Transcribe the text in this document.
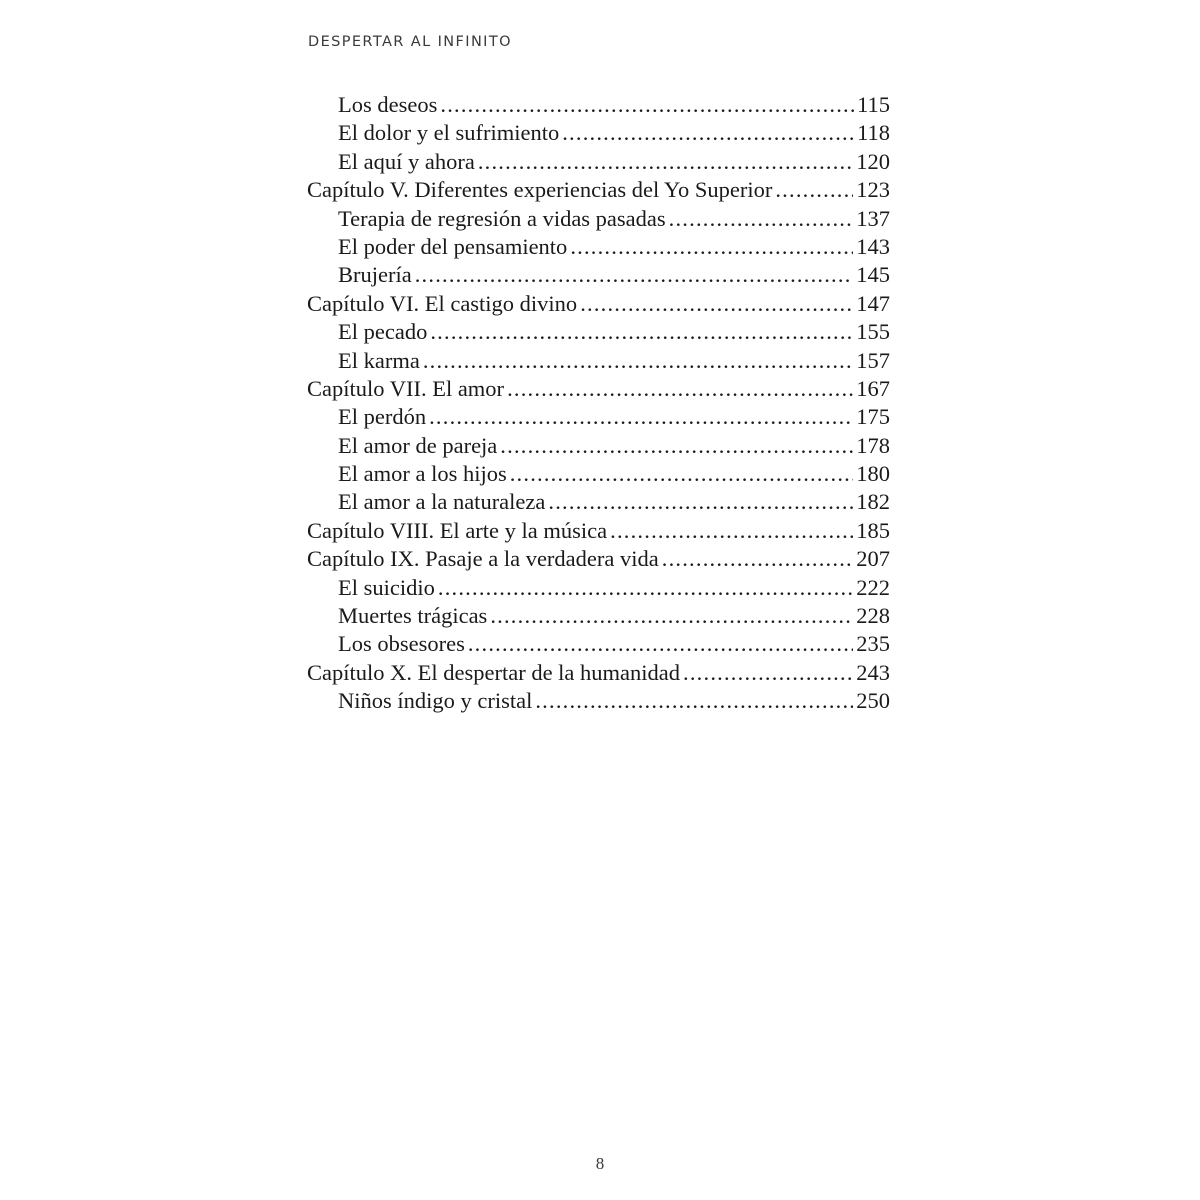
DESPERTAR AL INFINITO
Los deseos .....	115
El dolor y el sufrimiento .....	118
El aquí y ahora .....	120
Capítulo V. Diferentes experiencias del Yo Superior .....	123
Terapia de regresión a vidas pasadas .....	137
El poder del pensamiento .....	143
Brujería .....	145
Capítulo VI. El castigo divino .....	147
El pecado .....	155
El karma .....	157
Capítulo VII. El amor .....	167
El perdón .....	175
El amor de pareja .....	178
El amor a los hijos .....	180
El amor a la naturaleza .....	182
Capítulo VIII. El arte y la música .....	185
Capítulo IX. Pasaje a la verdadera vida .....	207
El suicidio .....	222
Muertes trágicas .....	228
Los obsesores .....	235
Capítulo X. El despertar de la humanidad .....	243
Niños índigo y cristal .....	250
8
